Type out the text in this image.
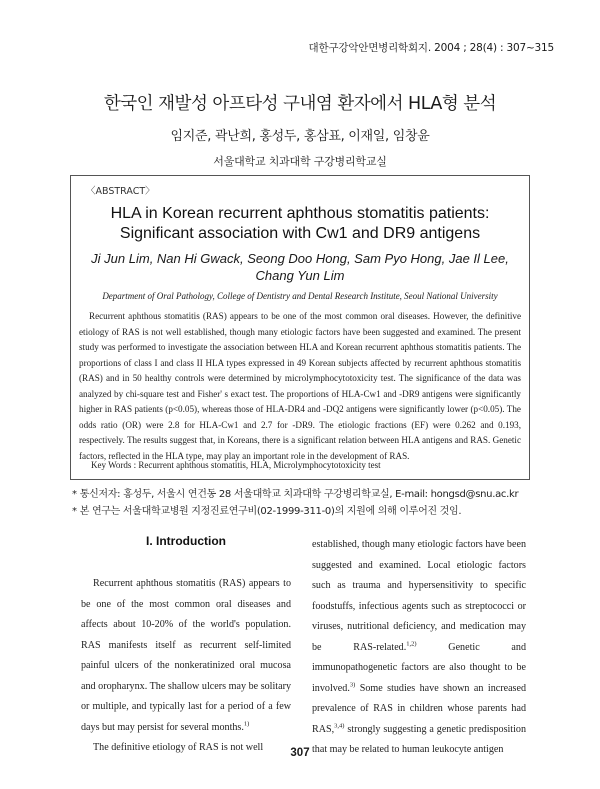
대한구강악안면병리학회지. 2004 ; 28(4) : 307~315
한국인 재발성 아프타성 구내염 환자에서 HLA형 분석
임지준, 곽난희, 홍성두, 홍삼표, 이재일, 임창윤
서울대학교 치과대학 구강병리학교실
〈ABSTRACT〉
HLA in Korean recurrent aphthous stomatitis patients:
Significant association with Cw1 and DR9 antigens
Ji Jun Lim, Nan Hi Gwack, Seong Doo Hong, Sam Pyo Hong, Jae Il Lee,
Chang Yun Lim
Department of Oral Pathology, College of Dentistry and Dental Research Institute, Seoul National University

Recurrent aphthous stomatitis (RAS) appears to be one of the most common oral diseases. However, the definitive etiology of RAS is not well established, though many etiologic factors have been suggested and examined. The present study was performed to investigate the association between HLA and Korean recurrent aphthous stomatitis patients. The proportions of class I and class II HLA types expressed in 49 Korean subjects affected by recurrent aphthous stomatitis (RAS) and in 50 healthy controls were determined by microlymphocytotoxicity test. The significance of the data was analyzed by chi-square test and Fisher' s exact test. The proportions of HLA-Cw1 and -DR9 antigens were significantly higher in RAS patients (p<0.05), whereas those of HLA-DR4 and -DQ2 antigens were significantly lower (p<0.05). The odds ratio (OR) were 2.8 for HLA-Cw1 and 2.7 for -DR9. The etiologic fractions (EF) were 0.262 and 0.193, respectively. The results suggest that, in Koreans, there is a significant relation between HLA antigens and RAS. Genetic factors, reflected in the HLA type, may play an important role in the development of RAS.

Key Words : Recurrent aphthous stomatitis, HLA, Microlymphocytotoxicity test
* 통신저자: 홍성두, 서울시 연건동 28 서울대학교 치과대학 구강병리학교실, E-mail: hongsd@snu.ac.kr
* 본 연구는 서울대학교병원 지정진료연구비(02-1999-311-0)의 지원에 의해 이루어진 것임.
I. Introduction

Recurrent aphthous stomatitis (RAS) appears to be one of the most common oral diseases and affects about 10-20% of the world's population. RAS manifests itself as recurrent self-limited painful ulcers of the nonkeratinized oral mucosa and oropharynx. The shallow ulcers may be solitary or multiple, and typically last for a period of a few days but may persist for several months.$^{1)}$

The definitive etiology of RAS is not well

established, though many etiologic factors have been suggested and examined. Local etiologic factors such as trauma and hypersensitivity to specific foodstuffs, infectious agents such as streptococci or viruses, nutritional deficiency, and medication may be RAS-related.$^{1,2)}$ Genetic and immunopathogenetic factors are also thought to be involved.$^{3)}$ Some studies have shown an increased prevalence of RAS in children whose parents had RAS,$^{3,4)}$ strongly suggesting a genetic predisposition that may be related to human leukocyte antigen

307
